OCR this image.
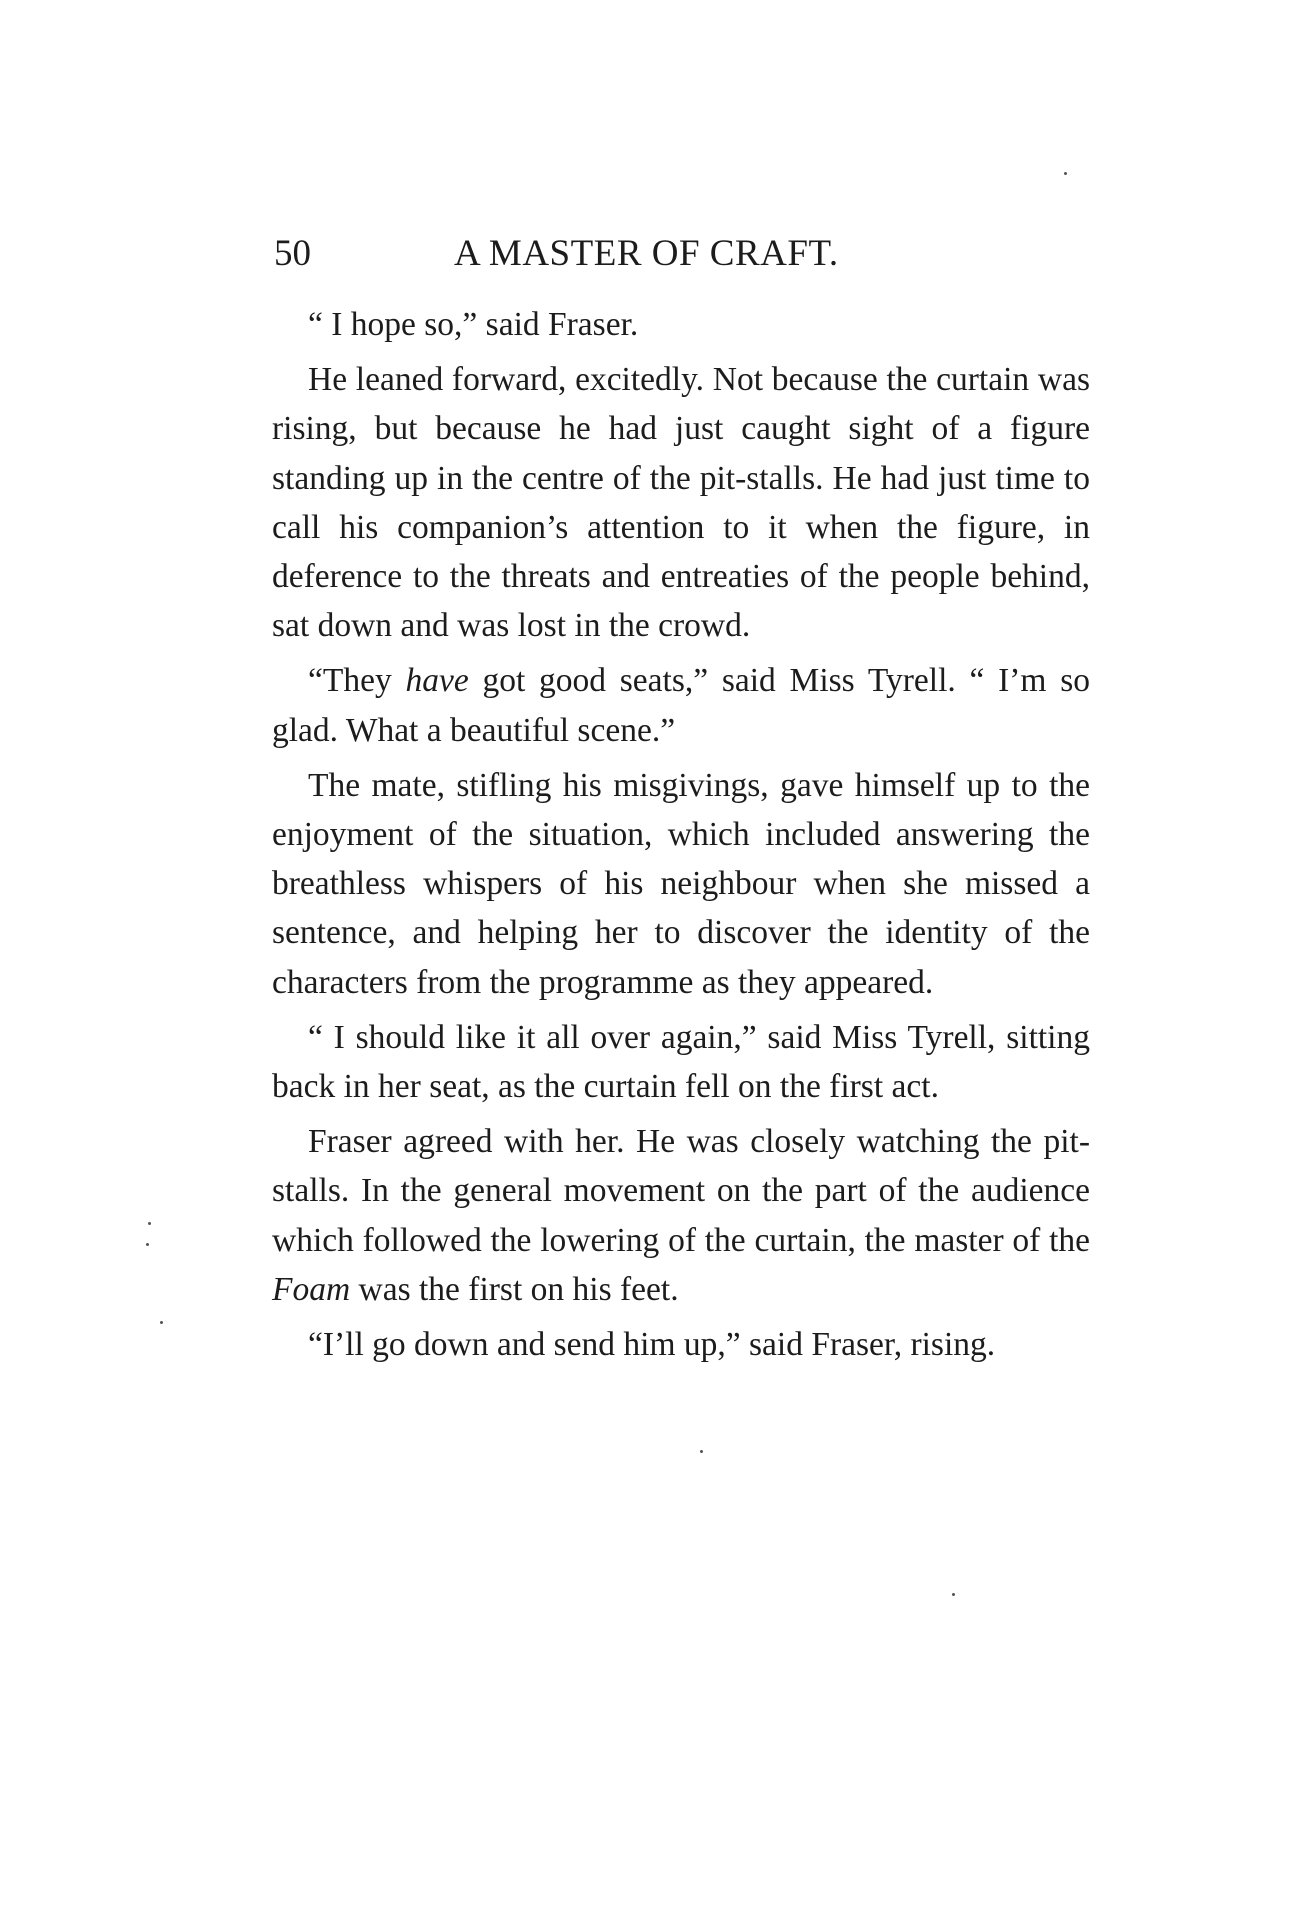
50	A MASTER OF CRAFT.

“ I hope so,” said Fraser.

He leaned forward, excitedly. Not because the curtain was rising, but because he had just caught sight of a figure standing up in the centre of the pit-stalls. He had just time to call his companion’s attention to it when the figure, in deference to the threats and entreaties of the people behind, sat down and was lost in the crowd.

“They have got good seats,” said Miss Tyrell. “ I’m so glad. What a beautiful scene.”

The mate, stifling his misgivings, gave himself up to the enjoyment of the situation, which included answering the breathless whispers of his neighbour when she missed a sentence, and helping her to discover the identity of the characters from the programme as they appeared.

“ I should like it all over again,” said Miss Tyrell, sitting back in her seat, as the curtain fell on the first act.

Fraser agreed with her. He was closely watching the pit-stalls. In the general movement on the part of the audience which followed the lowering of the curtain, the master of the Foam was the first on his feet.

“I’ll go down and send him up,” said Fraser, rising.
